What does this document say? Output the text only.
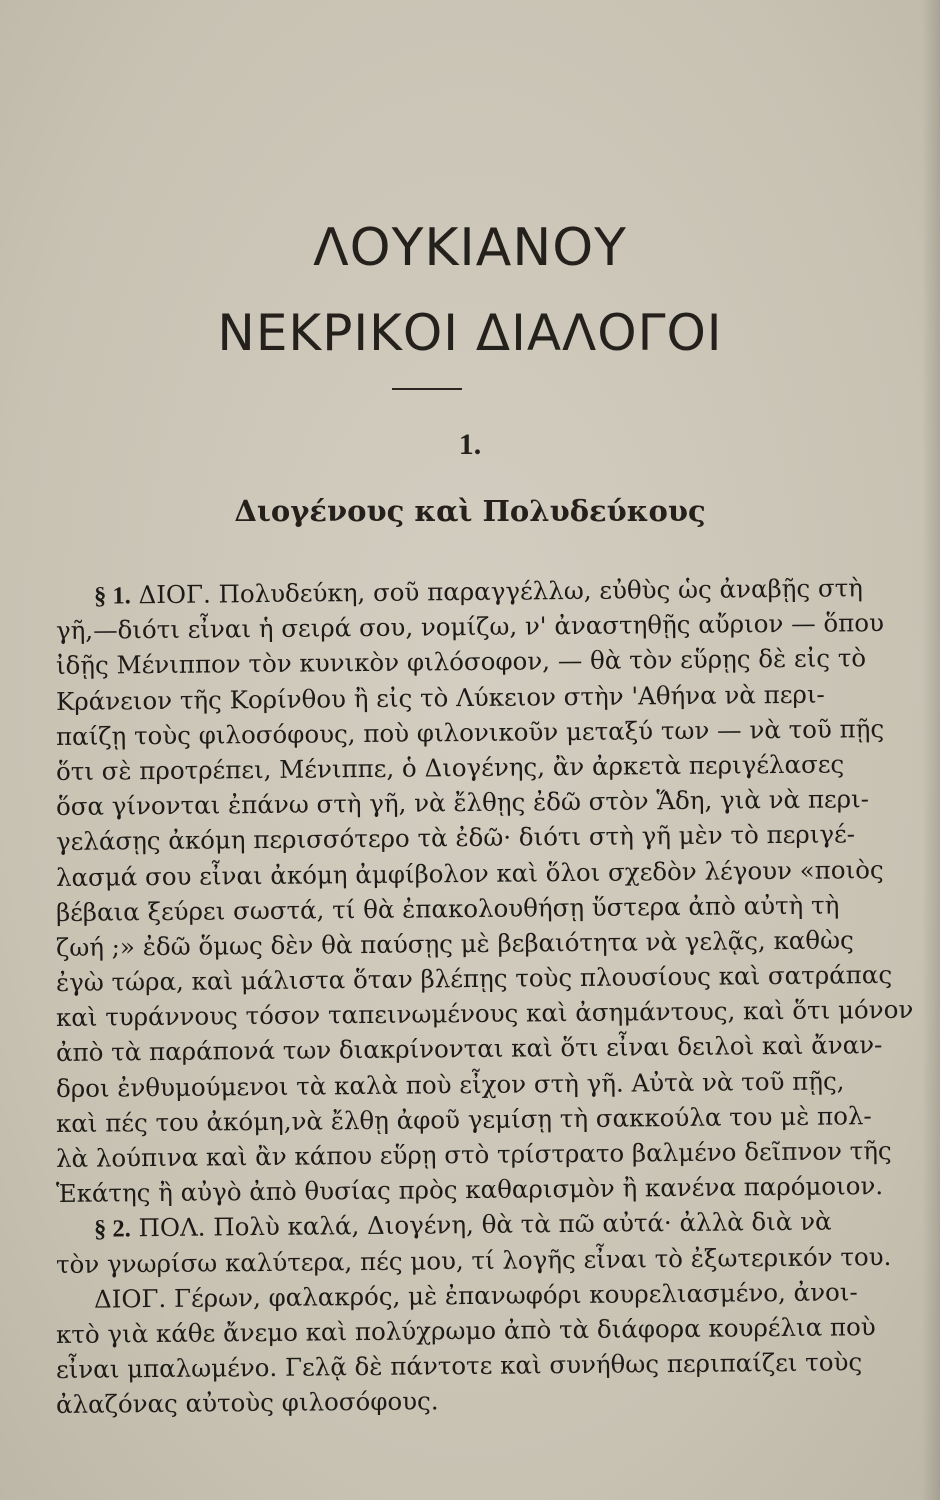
ΛΟΥΚΙΑΝΟΥ
ΝΕΚΡΙΚΟΙ ΔΙΑΛΟΓΟΙ
1.
Διογένους καὶ Πολυδεύκους
§ 1. ΔΙΟΓ. Πολυδεύκη, σοῦ παραγγέλλω, εὐθὺς ὡς ἀναβῇς στὴ
γῆ,—διότι εἶναι ἡ σειρά σου, νομίζω, ν' ἀναστηθῇς αὔριον — ὅπου
ἰδῇς Μένιππον τὸν κυνικὸν φιλόσοφον, — θὰ τὸν εὕρῃς δὲ εἰς τὸ
Κράνειον τῆς Κορίνθου ἢ εἰς τὸ Λύκειον στὴν 'Αθήνα νὰ περι-
παίζῃ τοὺς φιλοσόφους, ποὺ φιλονικοῦν μεταξύ των — νὰ τοῦ πῇς
ὅτι σὲ προτρέπει, Μένιππε, ὁ Διογένης, ἂν ἀρκετὰ περιγέλασες
ὅσα γίνονται ἐπάνω στὴ γῆ, νὰ ἔλθῃς ἐδῶ στὸν Ἅδη, γιὰ νὰ περι-
γελάσῃς ἀκόμη περισσότερο τὰ ἐδῶ· διότι στὴ γῆ μὲν τὸ περιγέ-
λασμά σου εἶναι ἀκόμη ἀμφίβολον καὶ ὅλοι σχεδὸν λέγουν «ποιὸς
βέβαια ξεύρει σωστά, τί θὰ ἐπακολουθήσῃ ὕστερα ἀπὸ αὐτὴ τὴ
ζωή ;» ἐδῶ ὅμως δὲν θὰ παύσῃς μὲ βεβαιότητα νὰ γελᾷς, καθὼς
ἐγὼ τώρα, καὶ μάλιστα ὅταν βλέπῃς τοὺς πλουσίους καὶ σατράπας
καὶ τυράννους τόσον ταπεινωμένους καὶ ἀσημάντους, καὶ ὅτι μόνον
ἀπὸ τὰ παράπονά των διακρίνονται καὶ ὅτι εἶναι δειλοὶ καὶ ἄναν-
δροι ἐνθυμούμενοι τὰ καλὰ ποὺ εἶχον στὴ γῆ. Αὐτὰ νὰ τοῦ πῇς,
καὶ πές του ἀκόμη,νὰ ἔλθῃ ἀφοῦ γεμίσῃ τὴ σακκούλα του μὲ πολ-
λὰ λούπινα καὶ ἂν κάπου εὕρῃ στὸ τρίστρατο βαλμένο δεῖπνον τῆς
Ἑκάτης ἢ αὐγὸ ἀπὸ θυσίας πρὸς καθαρισμὸν ἢ κανένα παρόμοιον.
§ 2. ΠΟΛ. Πολὺ καλά, Διογένη, θὰ τὰ πῶ αὐτά· ἀλλὰ διὰ νὰ
τὸν γνωρίσω καλύτερα, πές μου, τί λογῆς εἶναι τὸ ἐξωτερικόν του.
ΔΙΟΓ. Γέρων, φαλακρός, μὲ ἐπανωφόρι κουρελιασμένο, ἀνοι-
κτὸ γιὰ κάθε ἄνεμο καὶ πολύχρωμο ἀπὸ τὰ διάφορα κουρέλια ποὺ
εἶναι μπαλωμένο. Γελᾷ δὲ πάντοτε καὶ συνήθως περιπαίζει τοὺς
ἀλαζόνας αὐτοὺς φιλοσόφους.
